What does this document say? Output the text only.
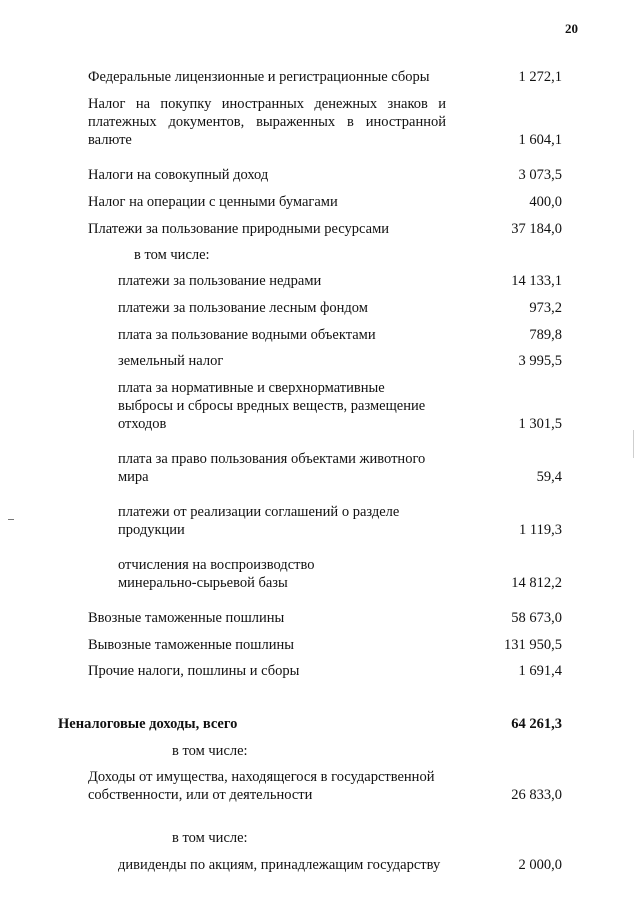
20
Федеральные лицензионные и регистрационные сборы	1 272,1
Налог на покупку иностранных денежных знаков и платежных документов, выраженных в иностранной валюте	1 604,1
Налоги на совокупный доход	3 073,5
Налог на операции с ценными бумагами	400,0
Платежи за пользование природными ресурсами	37 184,0
в том числе:
платежи за пользование недрами	14 133,1
платежи за пользование лесным фондом	973,2
плата за пользование водными объектами	789,8
земельный налог	3 995,5
плата за нормативные и сверхнормативные
выбросы и сбросы вредных веществ, размещение
отходов	1 301,5
плата за право пользования объектами животного
мира	59,4
платежи от реализации соглашений о разделе
продукции	1 119,3
отчисления на воспроизводство
минерально-сырьевой базы	14 812,2
Ввозные таможенные пошлины	58 673,0
Вывозные таможенные пошлины	131 950,5
Прочие налоги, пошлины и сборы	1 691,4
Неналоговые доходы, всего	64 261,3
в том числе:
Доходы от имущества, находящегося в государственной
собственности, или от деятельности	26 833,0
в том числе:
дивиденды по акциям, принадлежащим государству	2 000,0
